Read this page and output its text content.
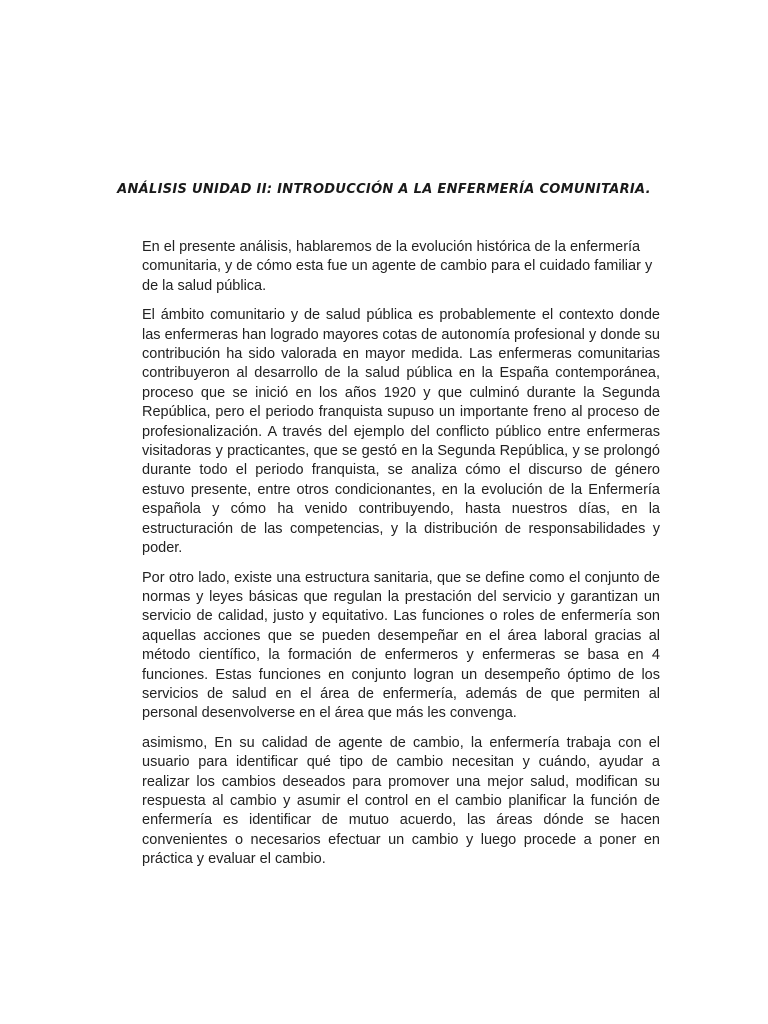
ANÁLISIS UNIDAD II: INTRODUCCIÓN A LA ENFERMERÍA COMUNITARIA.

En el presente análisis, hablaremos de la evolución histórica de la enfermería comunitaria, y de cómo esta fue un agente de cambio para el cuidado familiar y de la salud pública.

El ámbito comunitario y de salud pública es probablemente el contexto donde las enfermeras han logrado mayores cotas de autonomía profesional y donde su contribución ha sido valorada en mayor medida. Las enfermeras comunitarias contribuyeron al desarrollo de la salud pública en la España contemporánea, proceso que se inició en los años 1920 y que culminó durante la Segunda República, pero el periodo franquista supuso un importante freno al proceso de profesionalización. A través del ejemplo del conflicto público entre enfermeras visitadoras y practicantes, que se gestó en la Segunda República, y se prolongó durante todo el periodo franquista, se analiza cómo el discurso de género estuvo presente, entre otros condicionantes, en la evolución de la Enfermería española y cómo ha venido contribuyendo, hasta nuestros días, en la estructuración de las competencias, y la distribución de responsabilidades y poder.

Por otro lado, existe una estructura sanitaria, que se define como el conjunto de normas y leyes básicas que regulan la prestación del servicio y garantizan un servicio de calidad, justo y equitativo. Las funciones o roles de enfermería son aquellas acciones que se pueden desempeñar en el área laboral gracias al método científico, la formación de enfermeros y enfermeras se basa en 4 funciones. Estas funciones en conjunto logran un desempeño óptimo de los servicios de salud en el área de enfermería, además de que permiten al personal desenvolverse en el área que más les convenga.

asimismo, En su calidad de agente de cambio, la enfermería trabaja con el usuario para identificar qué tipo de cambio necesitan y cuándo, ayudar a realizar los cambios deseados para promover una mejor salud, modifican su respuesta al cambio y asumir el control en el cambio planificar la función de enfermería es identificar de mutuo acuerdo, las áreas dónde se hacen convenientes o necesarios efectuar un cambio y luego procede a poner en práctica y evaluar el cambio.
